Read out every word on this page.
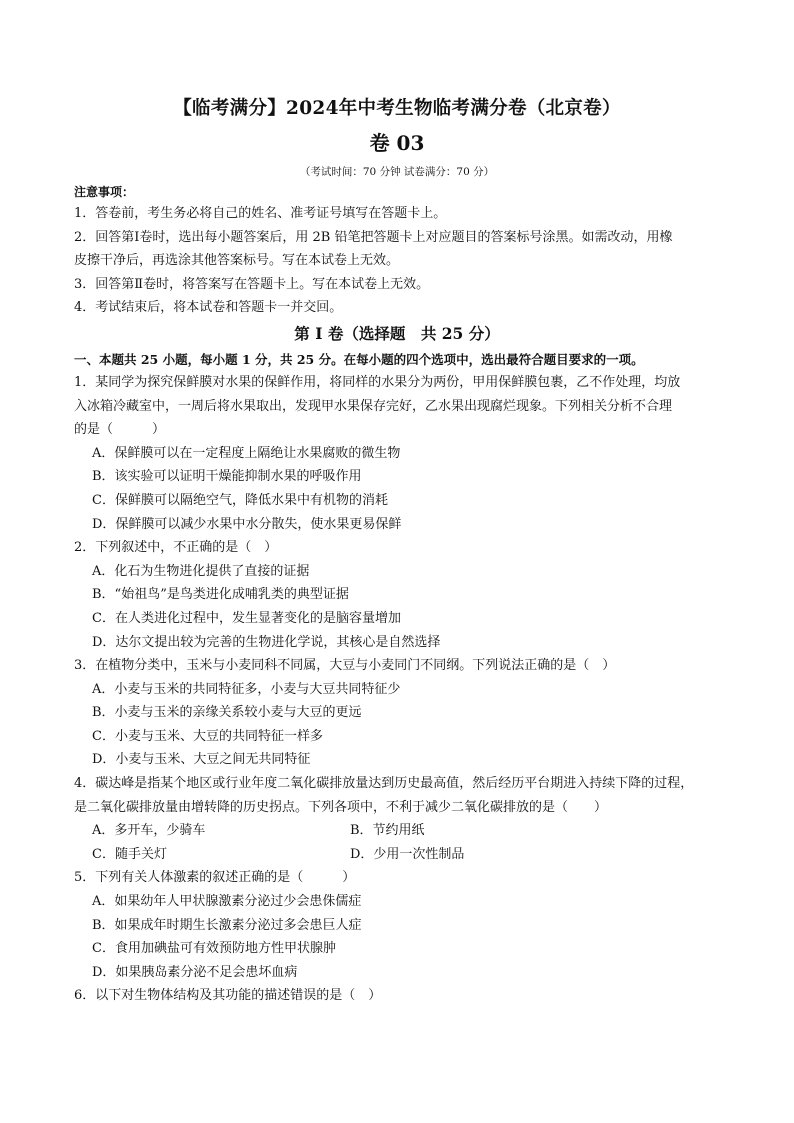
【临考满分】2024年中考生物临考满分卷（北京卷）
卷 03

（考试时间：70 分钟 试卷满分：70 分）

注意事项：

1．答卷前，考生务必将自己的姓名、准考证号填写在答题卡上。

2．回答第Ⅰ卷时，选出每小题答案后，用 2B 铅笔把答题卡上对应题目的答案标号涂黑。如需改动，用橡

皮擦干净后，再选涂其他答案标号。写在本试卷上无效。

3．回答第Ⅱ卷时，将答案写在答题卡上。写在本试卷上无效。

4．考试结束后，将本试卷和答题卡一并交回。

第 I 卷（选择题　共 25 分）

一、本题共 25 小题，每小题 1 分，共 25 分。在每小题的四个选项中，选出最符合题目要求的一项。

1．某同学为探究保鲜膜对水果的保鲜作用，将同样的水果分为两份，甲用保鲜膜包裹，乙不作处理，均放

入冰箱冷藏室中，一周后将水果取出，发现甲水果保存完好，乙水果出现腐烂现象。下列相关分析不合理

的是（　　　）

A．保鲜膜可以在一定程度上隔绝让水果腐败的微生物

B．该实验可以证明干燥能抑制水果的呼吸作用

C．保鲜膜可以隔绝空气，降低水果中有机物的消耗

D．保鲜膜可以减少水果中水分散失，使水果更易保鲜

2．下列叙述中，不正确的是（　）

A．化石为生物进化提供了直接的证据

B．“始祖鸟”是鸟类进化成哺乳类的典型证据

C．在人类进化过程中，发生显著变化的是脑容量增加

D．达尔文提出较为完善的生物进化学说，其核心是自然选择

3．在植物分类中，玉米与小麦同科不同属，大豆与小麦同门不同纲。下列说法正确的是（　）

A．小麦与玉米的共同特征多，小麦与大豆共同特征少

B．小麦与玉米的亲缘关系较小麦与大豆的更远

C．小麦与玉米、大豆的共同特征一样多

D．小麦与玉米、大豆之间无共同特征

4．碳达峰是指某个地区或行业年度二氧化碳排放量达到历史最高值，然后经历平台期进入持续下降的过程，

是二氧化碳排放量由增转降的历史拐点。下列各项中，不利于减少二氧化碳排放的是（　　）

A．多开车，少骑车	B．节约用纸
C．随手关灯	D．少用一次性制品

5．下列有关人体激素的叙述正确的是（　　　）

A．如果幼年人甲状腺激素分泌过少会患侏儒症

B．如果成年时期生长激素分泌过多会患巨人症

C．食用加碘盐可有效预防地方性甲状腺肿

D．如果胰岛素分泌不足会患坏血病

6．以下对生物体结构及其功能的描述错误的是（　）
